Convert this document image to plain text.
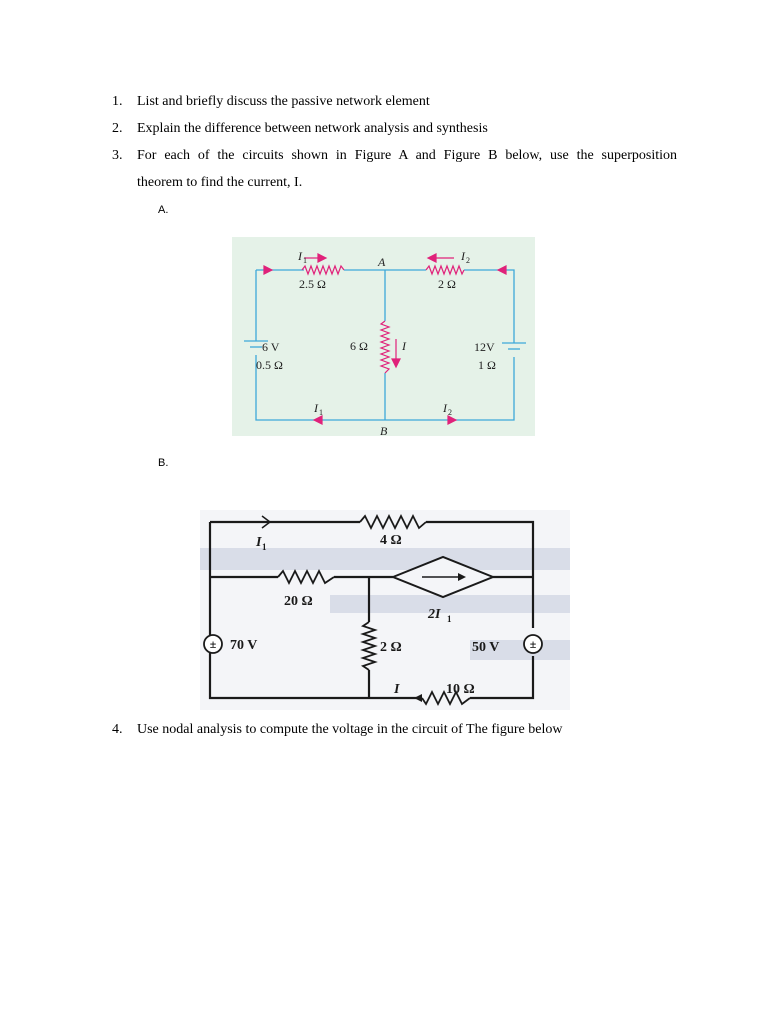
1. List and briefly discuss the passive network element
2. Explain the difference between network analysis and synthesis
3. For each of the circuits shown in Figure A and Figure B below, use the superposition
theorem to find the current, I.
A.
I 1	I 2
A
B
2.5 Ω	2 Ω
6 Ω	I
6 V
0.5 Ω
12V
1 Ω
I 1	I 2
B.
±	±
I 1	4 Ω
20 Ω
2I 1
70 V	2 Ω	50 V
I	10 Ω
4. Use nodal analysis to compute the voltage in the circuit of The figure below
